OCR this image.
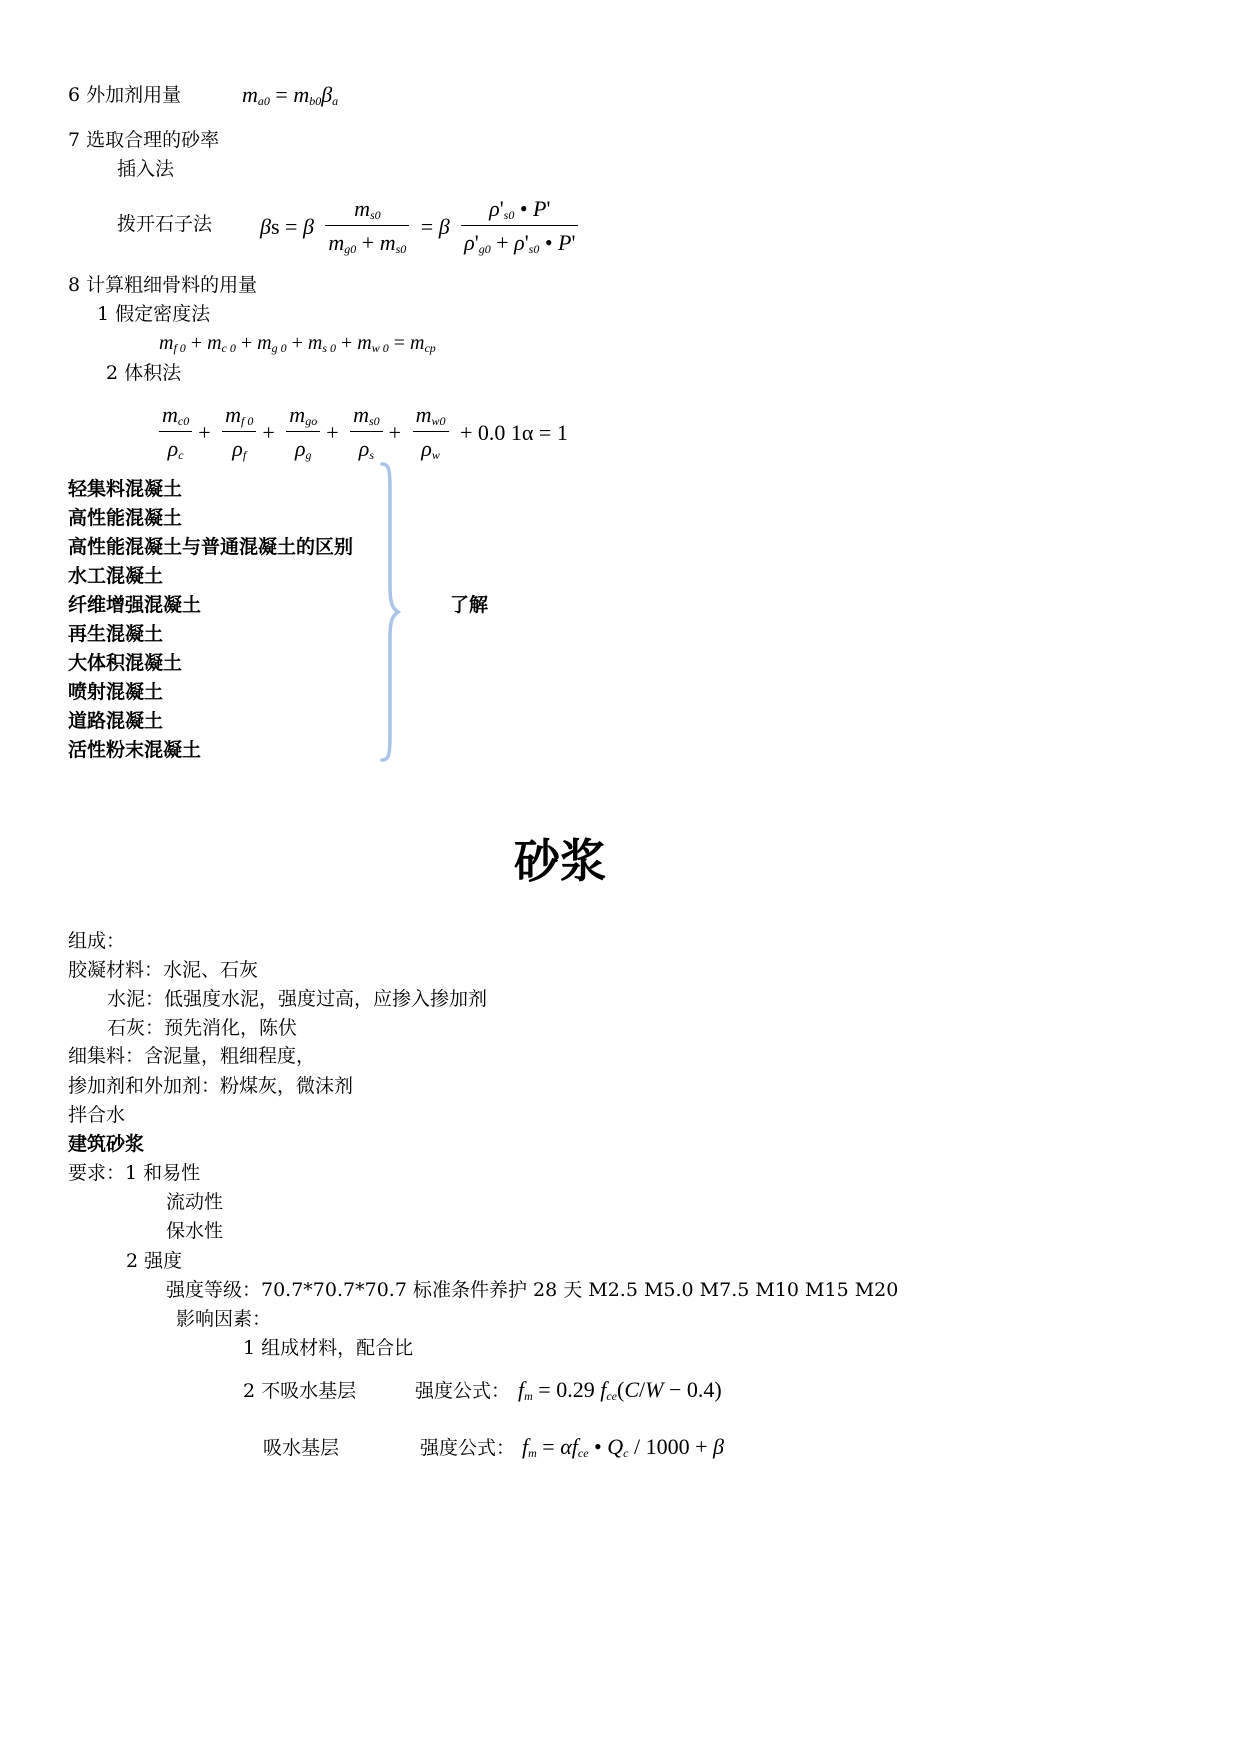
6 外加剂用量	$m_{a0} = m_{b0}\beta_a$
7 选取合理的砂率
插入法
拨开石子法 βs = β $\frac{m_{s0}}{m_{g0} + m_{s0}} = \beta \frac{\rho'_{s0} • P'}{\rho'_{g0} + \rho'_{s0} • P'}$
8 计算粗细骨料的用量
1 假定密度法
$m_{f 0} + m_{c 0} + m_{g 0} + m_{s 0} + m_{w 0} = m_{cp}$
2 体积法
$\frac{m_{c0}}{\rho_c} + \frac{m_{f 0}}{\rho_f} + \frac{m_{go}}{\rho_g} + \frac{m_{s0}}{\rho_s} + \frac{m_{w0}}{\rho_w} + 0.0$ 1α = 1
轻集料混凝土
高性能混凝土
高性能混凝土与普通混凝土的区别
水工混凝土
纤维增强混凝土
再生混凝土
大体积混凝土
喷射混凝土
道路混凝土
活性粉末混凝土
了解
砂浆
组成：
胶凝材料：水泥、石灰
水泥：低强度水泥，强度过高，应掺入掺加剂
石灰：预先消化，陈伏
细集料：含泥量，粗细程度，
掺加剂和外加剂：粉煤灰，微沫剂
拌合水
建筑砂浆
要求：1 和易性
流动性
保水性
2 强度
强度等级：70.7*70.7*70.7 标准条件养护 28 天 M2.5 M5.0 M7.5 M10 M15 M20
影响因素：
1 组成材料，配合比
2 不吸水基层	强度公式： $f_m = 0.29$ $f_{ce}(C/W - 0.4)$
吸水基层	强度公式： $f_m = \alpha f_{ce}$ • $Q_c / 1000 + \beta$
